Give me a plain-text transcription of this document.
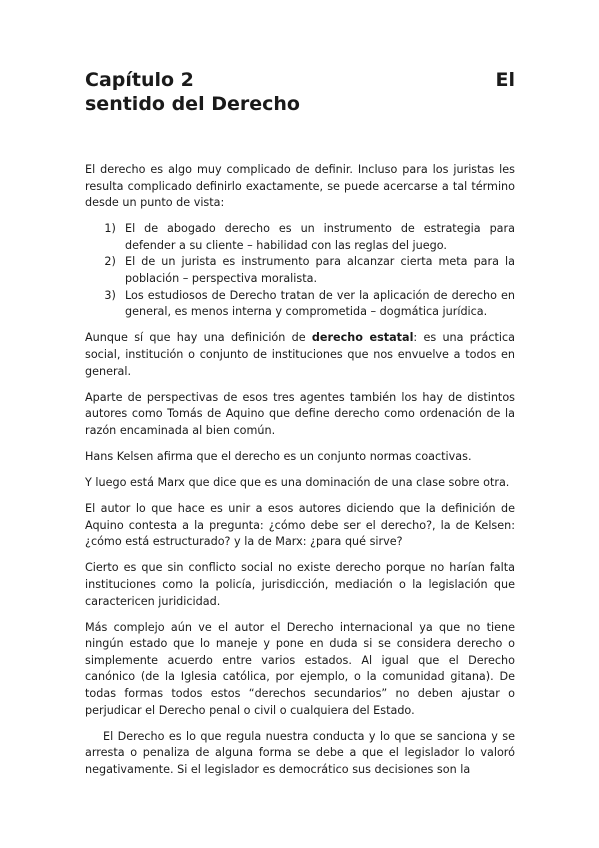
Capítulo 2	El
sentido del Derecho

El derecho es algo muy complicado de definir. Incluso para los juristas les resulta complicado definirlo exactamente, se puede acercarse a tal término desde un punto de vista:

1. El de abogado derecho es un instrumento de estrategia para defender a su cliente – habilidad con las reglas del juego.
2. El de un jurista es instrumento para alcanzar cierta meta para la población – perspectiva moralista.
3. Los estudiosos de Derecho tratan de ver la aplicación de derecho en general, es menos interna y comprometida – dogmática jurídica.

Aunque sí que hay una definición de derecho estatal: es una práctica social, institución o conjunto de instituciones que nos envuelve a todos en general.

Aparte de perspectivas de esos tres agentes también los hay de distintos autores como Tomás de Aquino que define derecho como ordenación de la razón encaminada al bien común.

Hans Kelsen afirma que el derecho es un conjunto normas coactivas.

Y luego está Marx que dice que es una dominación de una clase sobre otra.

El autor lo que hace es unir a esos autores diciendo que la definición de Aquino contesta a la pregunta: ¿cómo debe ser el derecho?, la de Kelsen: ¿cómo está estructurado? y la de Marx: ¿para qué sirve?

Cierto es que sin conflicto social no existe derecho porque no harían falta instituciones como la policía, jurisdicción, mediación o la legislación que caractericen juridicidad.

Más complejo aún ve el autor el Derecho internacional ya que no tiene ningún estado que lo maneje y pone en duda si se considera derecho o simplemente acuerdo entre varios estados. Al igual que el Derecho canónico (de la Iglesia católica, por ejemplo, o la comunidad gitana). De todas formas todos estos “derechos secundarios” no deben ajustar o perjudicar el Derecho penal o civil o cualquiera del Estado.

El Derecho es lo que regula nuestra conducta y lo que se sanciona y se arresta o penaliza de alguna forma se debe a que el legislador lo valoró negativamente. Si el legislador es democrático sus decisiones son la
